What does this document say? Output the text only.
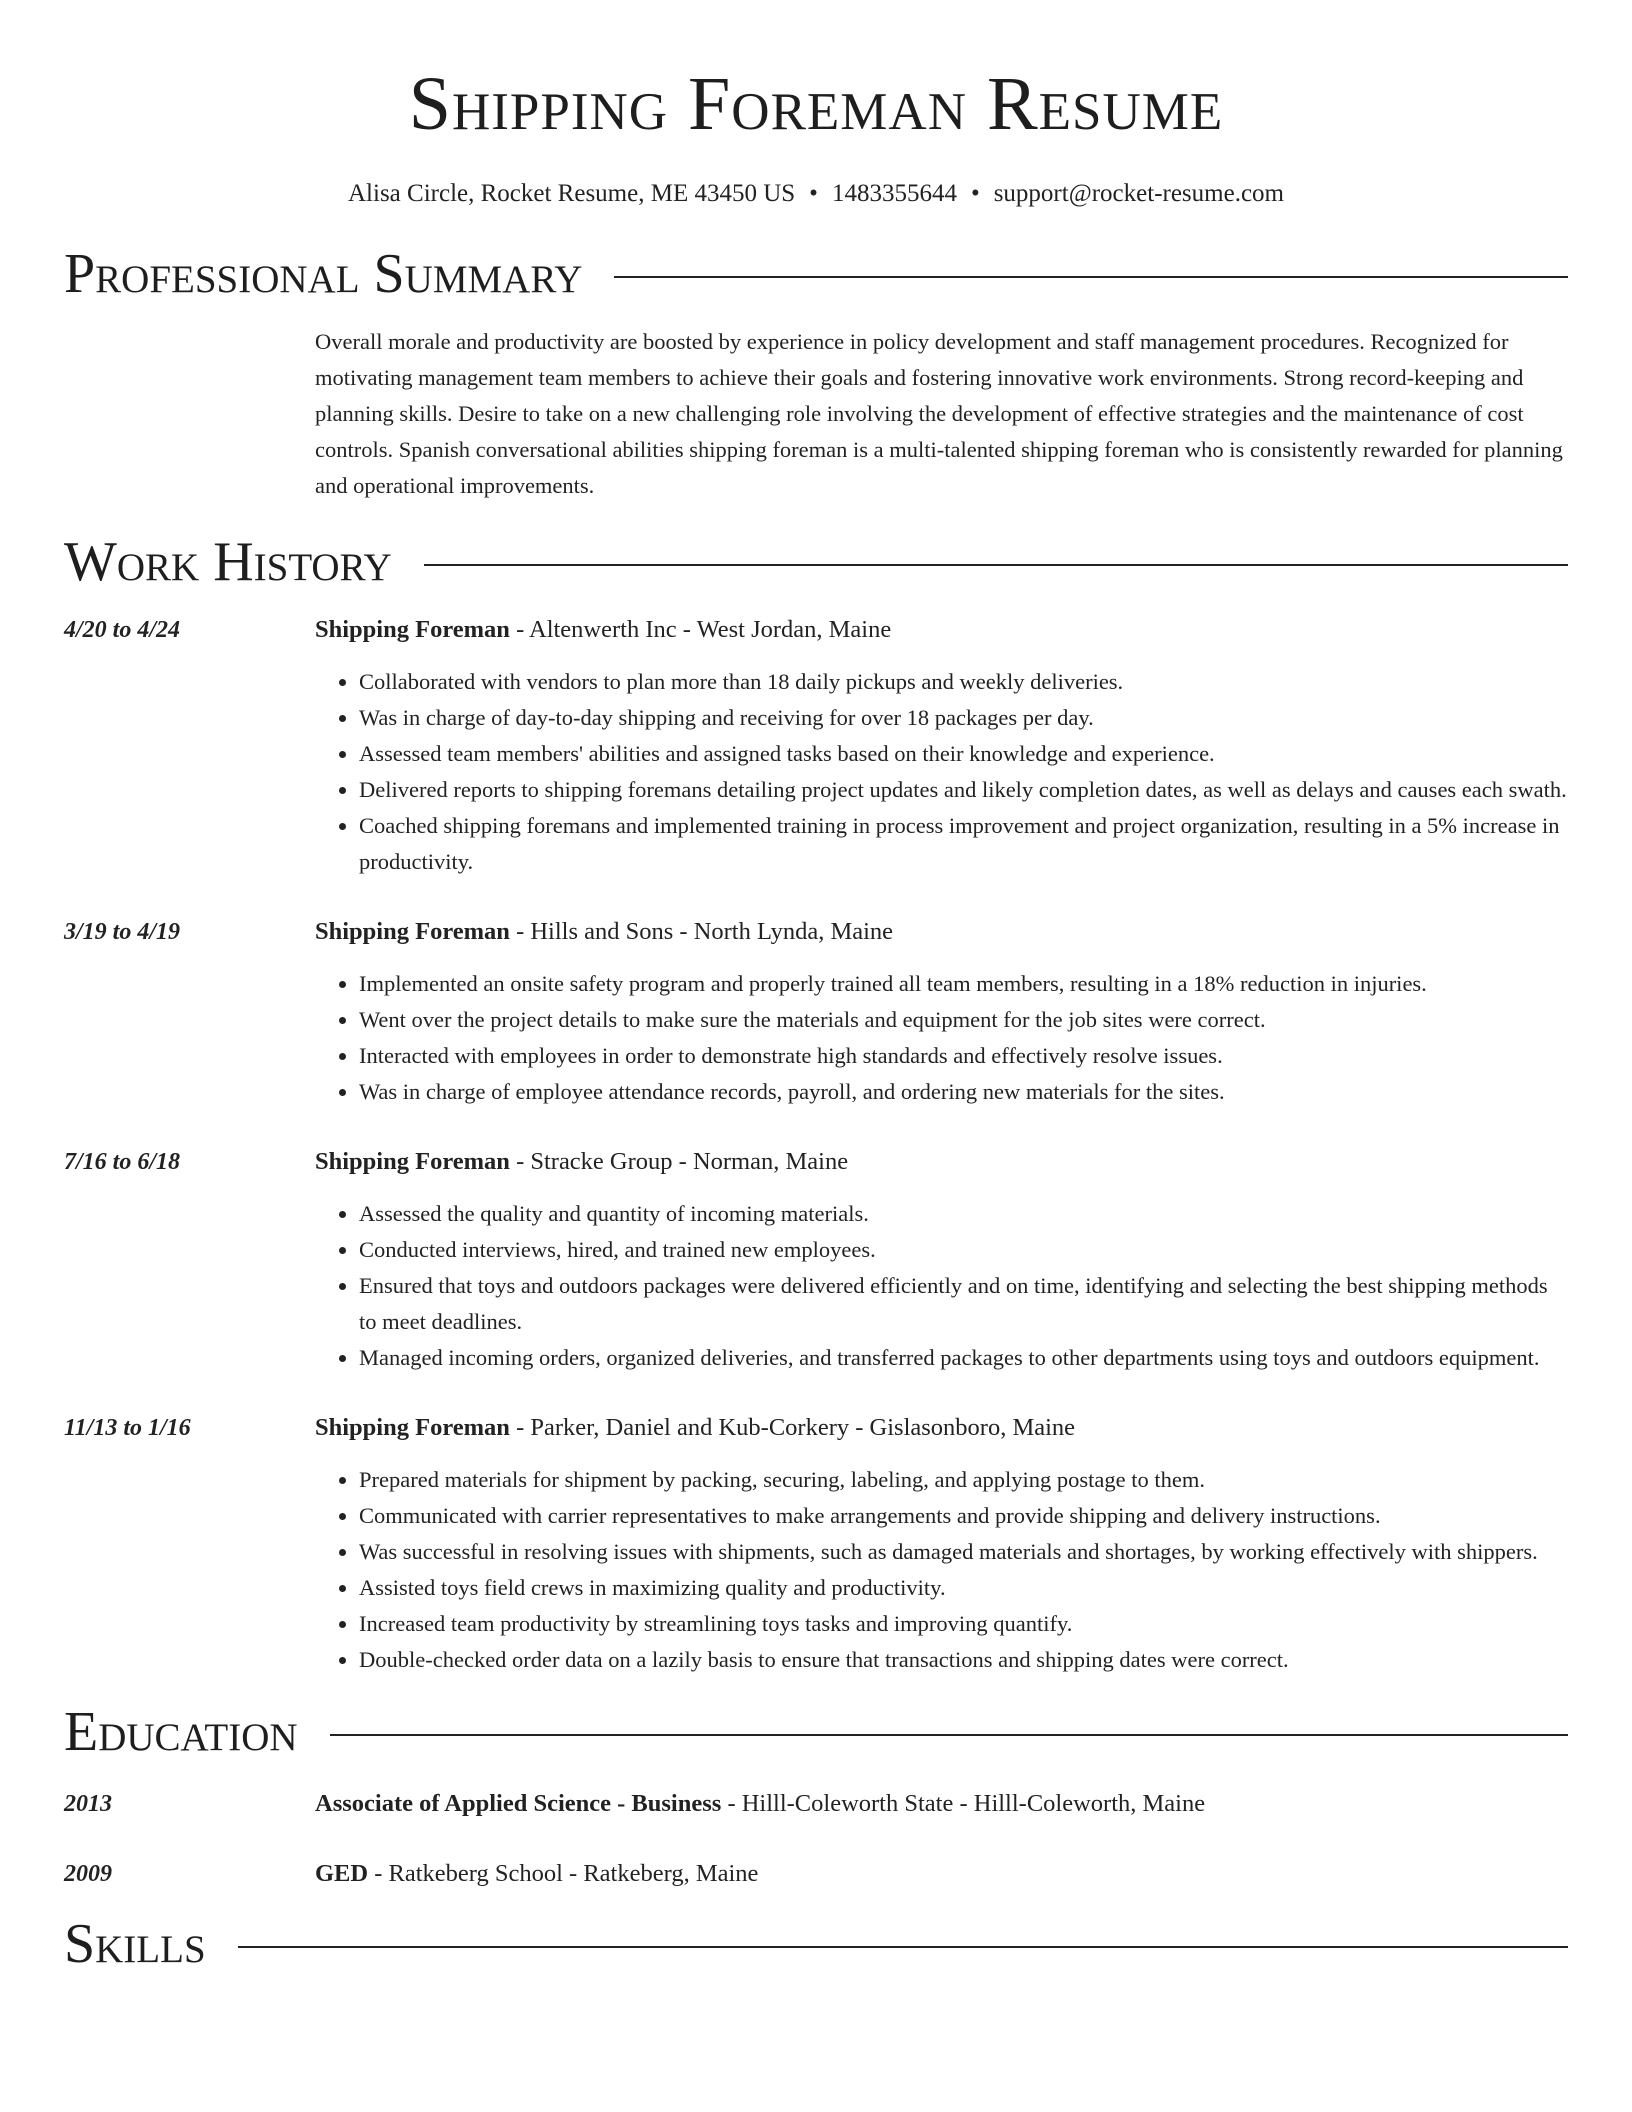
Shipping Foreman Resume
Alisa Circle, Rocket Resume, ME 43450 US • 1483355644 • support@rocket-resume.com
Professional Summary
Overall morale and productivity are boosted by experience in policy development and staff management procedures. Recognized for motivating management team members to achieve their goals and fostering innovative work environments. Strong record-keeping and planning skills. Desire to take on a new challenging role involving the development of effective strategies and the maintenance of cost controls. Spanish conversational abilities shipping foreman is a multi-talented shipping foreman who is consistently rewarded for planning and operational improvements.
Work History
4/20 to 4/24	Shipping Foreman - Altenwerth Inc - West Jordan, Maine
• Collaborated with vendors to plan more than 18 daily pickups and weekly deliveries.
• Was in charge of day-to-day shipping and receiving for over 18 packages per day.
• Assessed team members' abilities and assigned tasks based on their knowledge and experience.
• Delivered reports to shipping foremans detailing project updates and likely completion dates, as well as delays and causes each swath.
• Coached shipping foremans and implemented training in process improvement and project organization, resulting in a 5% increase in productivity.
3/19 to 4/19	Shipping Foreman - Hills and Sons - North Lynda, Maine
• Implemented an onsite safety program and properly trained all team members, resulting in a 18% reduction in injuries.
• Went over the project details to make sure the materials and equipment for the job sites were correct.
• Interacted with employees in order to demonstrate high standards and effectively resolve issues.
• Was in charge of employee attendance records, payroll, and ordering new materials for the sites.
7/16 to 6/18	Shipping Foreman - Stracke Group - Norman, Maine
• Assessed the quality and quantity of incoming materials.
• Conducted interviews, hired, and trained new employees.
• Ensured that toys and outdoors packages were delivered efficiently and on time, identifying and selecting the best shipping methods to meet deadlines.
• Managed incoming orders, organized deliveries, and transferred packages to other departments using toys and outdoors equipment.
11/13 to 1/16	Shipping Foreman - Parker, Daniel and Kub-Corkery - Gislasonboro, Maine
• Prepared materials for shipment by packing, securing, labeling, and applying postage to them.
• Communicated with carrier representatives to make arrangements and provide shipping and delivery instructions.
• Was successful in resolving issues with shipments, such as damaged materials and shortages, by working effectively with shippers.
• Assisted toys field crews in maximizing quality and productivity.
• Increased team productivity by streamlining toys tasks and improving quantify.
• Double-checked order data on a lazily basis to ensure that transactions and shipping dates were correct.
Education
2013	Associate of Applied Science - Business - Hilll-Coleworth State - Hilll-Coleworth, Maine
2009	GED - Ratkeberg School - Ratkeberg, Maine
Skills
